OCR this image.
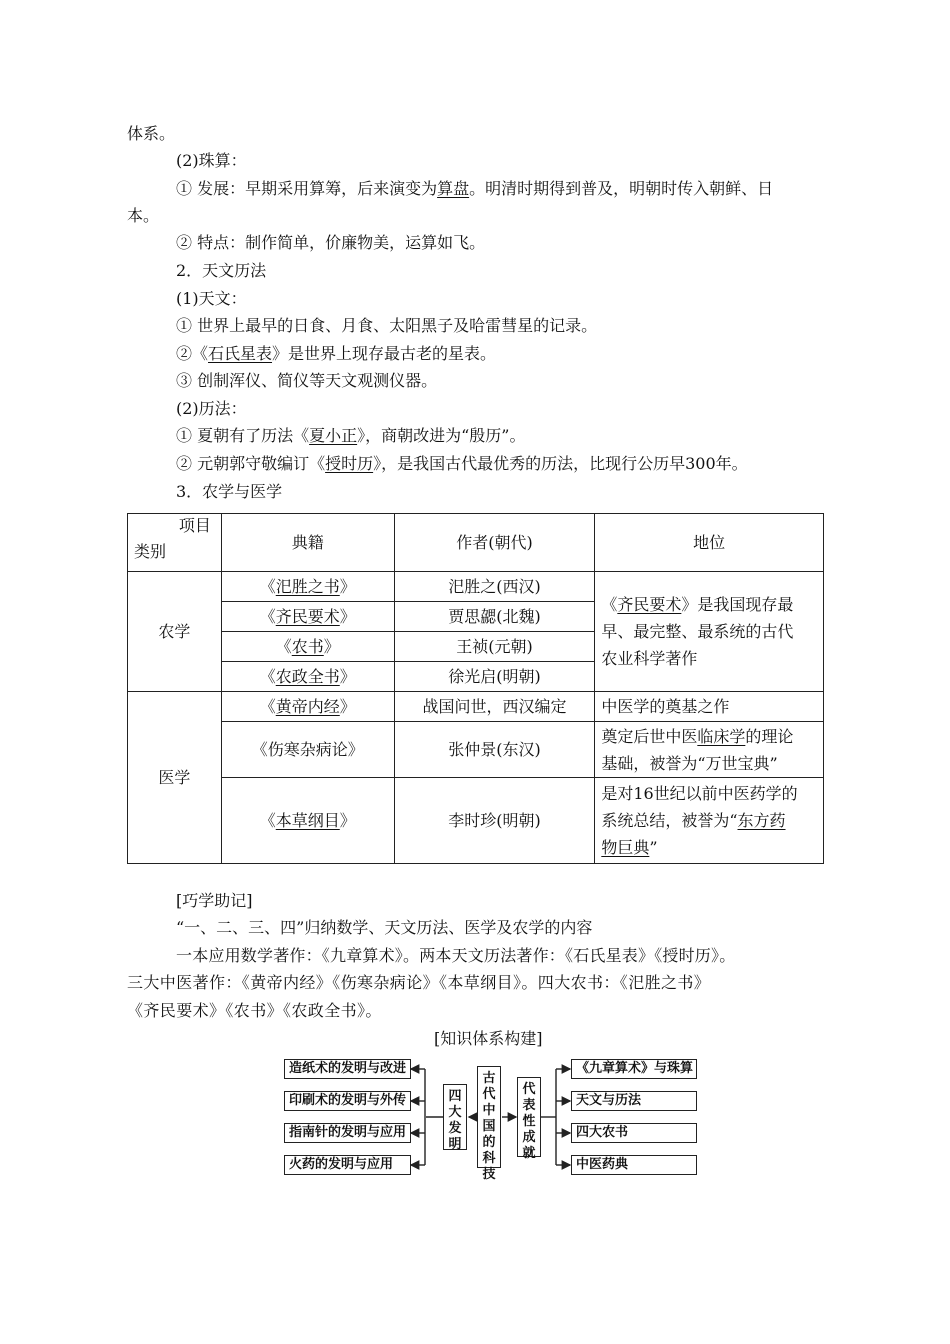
体系。
(2)珠算：
① 发展：早期采用算筹，后来演变为算盘。明清时期得到普及，明朝时传入朝鲜、日
本。
② 特点：制作简单，价廉物美，运算如飞。
2．天文历法
(1)天文：
① 世界上最早的日食、月食、太阳黑子及哈雷彗星的记录。
②《石氏星表》是世界上现存最古老的星表。
③ 创制浑仪、简仪等天文观测仪器。
(2)历法：
① 夏朝有了历法《夏小正》，商朝改进为“殷历”。
② 元朝郭守敬编订《授时历》，是我国古代最优秀的历法，比现行公历早300年。
3．农学与医学
项目
类别	典籍	作者(朝代)	地位
农学	《汜胜之书》	汜胜之(西汉)	《齐民要术》是我国现存最
早、最完整、最系统的古代
农业科学著作
	《齐民要术》	贾思勰(北魏)	
	《农书》	王祯(元朝)	
	《农政全书》	徐光启(明朝)	
医学	《黄帝内经》	战国问世，西汉编定	中医学的奠基之作
	《伤寒杂病论》	张仲景(东汉)	奠定后世中医临床学的理论
基础，被誉为“万世宝典”
	《本草纲目》	李时珍(明朝)	是对16世纪以前中医药学的
系统总结，被誉为“东方药
物巨典”
[巧学助记]
“一、二、三、四”归纳数学、天文历法、医学及农学的内容
一本应用数学著作：《九章算术》。两本天文历法著作：《石氏星表》《授时历》。
三大中医著作：《黄帝内经》《伤寒杂病论》《本草纲目》。四大农书：《汜胜之书》
《齐民要术》《农书》《农政全书》。
[知识体系构建]
造纸术的发明与改进
印刷术的发明与外传
指南针的发明与应用
火药的发明与应用
四大发明
古代中国的科技
代表性成就
《九章算术》与珠算
天文与历法
四大农书
中医药典
